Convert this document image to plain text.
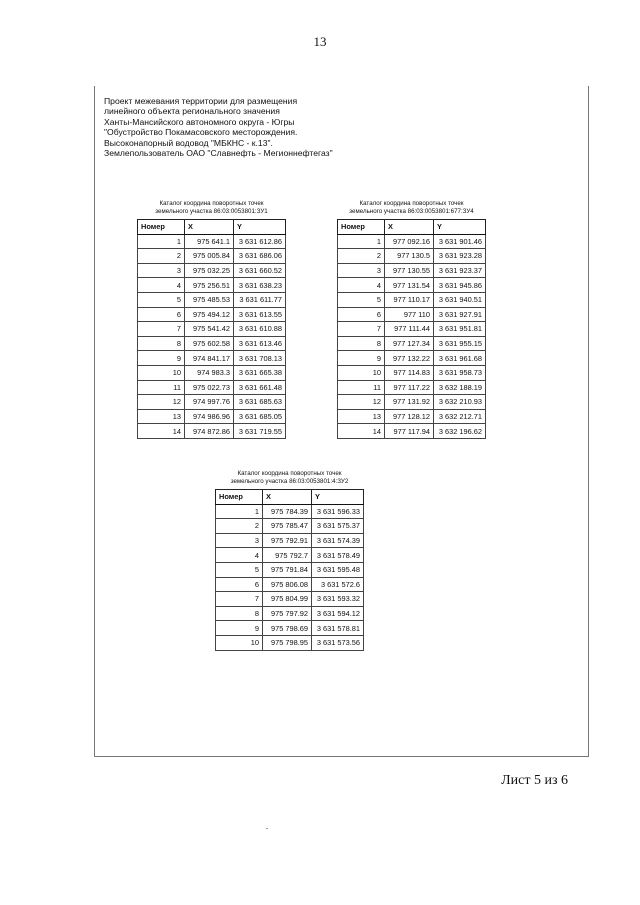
13
Проект межевания территории для размещения
линейного объекта регионального значения
Ханты-Мансийского автономного округа - Югры
"Обустройство Покамасовского месторождения.
Высоконапорный водовод "МБКНС - к.13".
Землепользователь ОАО "Славнефть - Мегионнефтегаз"
Каталог координа поворотных точек
земельного участка 86:03:0053801:ЗУ1
Номер	X	Y
1	975 641.1	3 631 612.86
2	975 005.84	3 631 686.06
3	975 032.25	3 631 660.52
4	975 256.51	3 631 638.23
5	975 485.53	3 631 611.77
6	975 494.12	3 631 613.55
7	975 541.42	3 631 610.88
8	975 602.58	3 631 613.46
9	974 841.17	3 631 708.13
10	974 983.3	3 631 665.38
11	975 022.73	3 631 661.48
12	974 997.76	3 631 685.63
13	974 986.96	3 631 685.05
14	974 872.86	3 631 719.55
Каталог координа поворотных точек
земельного участка 86:03:0053801:677:ЗУ4
Номер	X	Y
1	977 092.16	3 631 901.46
2	977 130.5	3 631 923.28
3	977 130.55	3 631 923.37
4	977 131.54	3 631 945.86
5	977 110.17	3 631 940.51
6	977 110	3 631 927.91
7	977 111.44	3 631 951.81
8	977 127.34	3 631 955.15
9	977 132.22	3 631 961.68
10	977 114.83	3 631 958.73
11	977 117.22	3 632 188.19
12	977 131.92	3 632 210.93
13	977 128.12	3 632 212.71
14	977 117.94	3 632 196.62
Каталог координа поворотных точек
земельного участка 86:03:0053801:4:ЗУ2
Номер	X	Y
1	975 784.39	3 631 596.33
2	975 785.47	3 631 575.37
3	975 792.91	3 631 574.39
4	975 792.7	3 631 578.49
5	975 791.84	3 631 595.48
6	975 806.08	3 631 572.6
7	975 804.99	3 631 593.32
8	975 797.92	3 631 594.12
9	975 798.69	3 631 578.81
10	975 798.95	3 631 573.56
Лист 5 из 6
